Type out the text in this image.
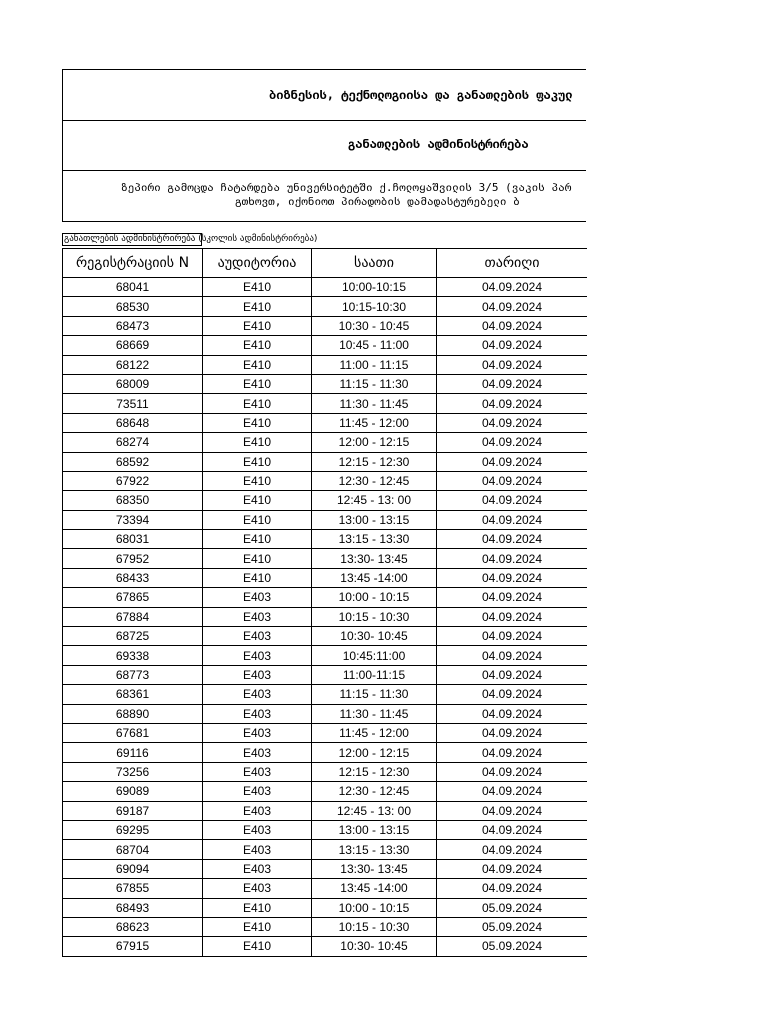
ბიზნესის, ტექნოლოგიისა და განათლების ფაკულ
განათლების ადმინისტრირება
ზეპირი გამოცდა ჩატარდება უნივერსიტეტში ქ.ჩოლოყაშვილის 3/5 (ვაკის პარ
გთხოვთ, იქონიოთ პირადობის დამადასტურებელი ბ
განათლების ადმინისტრირება (სკოლის ადმინისტრირება)
რეგისტრაციის N	აუდიტორია	საათი	თარიღი
68041	E410	10:00-10:15	04.09.2024
68530	E410	10:15-10:30	04.09.2024
68473	E410	10:30 - 10:45	04.09.2024
68669	E410	10:45 - 11:00	04.09.2024
68122	E410	11:00 - 11:15	04.09.2024
68009	E410	11:15 - 11:30	04.09.2024
73511	E410	11:30 - 11:45	04.09.2024
68648	E410	11:45 - 12:00	04.09.2024
68274	E410	12:00 - 12:15	04.09.2024
68592	E410	12:15 - 12:30	04.09.2024
67922	E410	12:30 - 12:45	04.09.2024
68350	E410	12:45 - 13: 00	04.09.2024
73394	E410	13:00 - 13:15	04.09.2024
68031	E410	13:15 - 13:30	04.09.2024
67952	E410	13:30- 13:45	04.09.2024
68433	E410	13:45 -14:00	04.09.2024
67865	E403	10:00 - 10:15	04.09.2024
67884	E403	10:15 - 10:30	04.09.2024
68725	E403	10:30- 10:45	04.09.2024
69338	E403	10:45:11:00	04.09.2024
68773	E403	11:00-11:15	04.09.2024
68361	E403	11:15 - 11:30	04.09.2024
68890	E403	11:30 - 11:45	04.09.2024
67681	E403	11:45 - 12:00	04.09.2024
69116	E403	12:00 - 12:15	04.09.2024
73256	E403	12:15 - 12:30	04.09.2024
69089	E403	12:30 - 12:45	04.09.2024
69187	E403	12:45 - 13: 00	04.09.2024
69295	E403	13:00 - 13:15	04.09.2024
68704	E403	13:15 - 13:30	04.09.2024
69094	E403	13:30- 13:45	04.09.2024
67855	E403	13:45 -14:00	04.09.2024
68493	E410	10:00 - 10:15	05.09.2024
68623	E410	10:15 - 10:30	05.09.2024
67915	E410	10:30- 10:45	05.09.2024
